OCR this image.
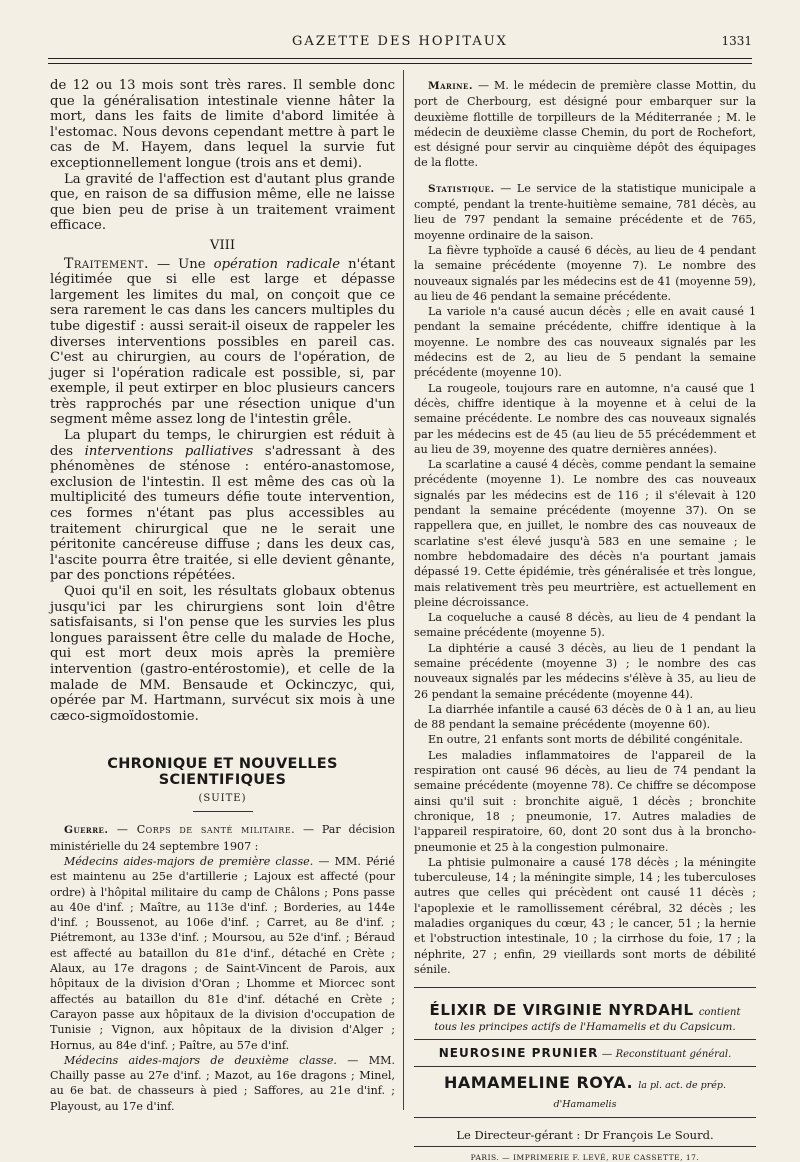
GAZETTE DES HOPITAUX	1331

de 12 ou 13 mois sont très rares. Il semble donc que la généralisation intestinale vienne hâter la mort, dans les faits de limite d'abord limitée à l'estomac. Nous devons cependant mettre à part le cas de M. Hayem, dans lequel la survie fut exceptionnellement longue (trois ans et demi).

La gravité de l'affection est d'autant plus grande que, en raison de sa diffusion même, elle ne laisse que bien peu de prise à un traitement vraiment efficace.

VIII

Traitement. — Une opération radicale n'étant légitimée que si elle est large et dépasse largement les limites du mal, on conçoit que ce sera rarement le cas dans les cancers multiples du tube digestif : aussi serait-il oiseux de rappeler les diverses interventions possibles en pareil cas. C'est au chirurgien, au cours de l'opération, de juger si l'opération radicale est possible, si, par exemple, il peut extirper en bloc plusieurs cancers très rapprochés par une résection unique d'un segment même assez long de l'intestin grêle.

La plupart du temps, le chirurgien est réduit à des interventions palliatives s'adressant à des phénomènes de sténose : entéro-anastomose, exclusion de l'intestin. Il est même des cas où la multiplicité des tumeurs défie toute intervention, ces formes n'étant pas plus accessibles au traitement chirurgical que ne le serait une péritonite cancéreuse diffuse ; dans les deux cas, l'ascite pourra être traitée, si elle devient gênante, par des ponctions répétées.

Quoi qu'il en soit, les résultats globaux obtenus jusqu'ici par les chirurgiens sont loin d'être satisfaisants, si l'on pense que les survies les plus longues paraissent être celle du malade de Hoche, qui est mort deux mois après la première intervention (gastro-entérostomie), et celle de la malade de MM. Bensaude et Ockinczyc, qui, opérée par M. Hartmann, survécut six mois à une cæco-sigmoïdostomie.

CHRONIQUE ET NOUVELLES SCIENTIFIQUES
(SUITE)

Guerre. — Corps de santé militaire. — Par décision ministérielle du 24 septembre 1907 :

Médecins aides-majors de première classe. — MM. Périé est maintenu au 25e d'artillerie ; Lajoux est affecté (pour ordre) à l'hôpital militaire du camp de Châlons ; Pons passe au 40e d'inf. ; Maître, au 113e d'inf. ; Borderies, au 144e d'inf. ; Boussenot, au 106e d'inf. ; Carret, au 8e d'inf. ; Piétremont, au 133e d'inf. ; Moursou, au 52e d'inf. ; Béraud est affecté au bataillon du 81e d'inf., détaché en Crète ; Alaux, au 17e dragons ; de Saint-Vincent de Parois, aux hôpitaux de la division d'Oran ; Lhomme et Miorcec sont affectés au bataillon du 81e d'inf. détaché en Crète ; Carayon passe aux hôpitaux de la division d'occupation de Tunisie ; Vignon, aux hôpitaux de la division d'Alger ; Hornus, au 84e d'inf. ; Paître, au 57e d'inf.

Médecins aides-majors de deuxième classe. — MM. Chailly passe au 27e d'inf. ; Mazot, au 16e dragons ; Minel, au 6e bat. de chasseurs à pied ; Saffores, au 21e d'inf. ; Playoust, au 17e d'inf.

Marine. — M. le médecin de première classe Mottin, du port de Cherbourg, est désigné pour embarquer sur la deuxième flottille de torpilleurs de la Méditerranée ; M. le médecin de deuxième classe Chemin, du port de Rochefort, est désigné pour servir au cinquième dépôt des équipages de la flotte.

Statistique. — Le service de la statistique municipale a compté, pendant la trente-huitième semaine, 781 décès, au lieu de 797 pendant la semaine précédente et de 765, moyenne ordinaire de la saison.

La fièvre typhoïde a causé 6 décès, au lieu de 4 pendant la semaine précédente (moyenne 7). Le nombre des nouveaux signalés par les médecins est de 41 (moyenne 59), au lieu de 46 pendant la semaine précédente.

La variole n'a causé aucun décès ; elle en avait causé 1 pendant la semaine précédente, chiffre identique à la moyenne. Le nombre des cas nouveaux signalés par les médecins est de 2, au lieu de 5 pendant la semaine précédente (moyenne 10).

La rougeole, toujours rare en automne, n'a causé que 1 décès, chiffre identique à la moyenne et à celui de la semaine précédente. Le nombre des cas nouveaux signalés par les médecins est de 45 (au lieu de 55 précédemment et au lieu de 39, moyenne des quatre dernières années).

La scarlatine a causé 4 décès, comme pendant la semaine précédente (moyenne 1). Le nombre des cas nouveaux signalés par les médecins est de 116 ; il s'élevait à 120 pendant la semaine précédente (moyenne 37). On se rappellera que, en juillet, le nombre des cas nouveaux de scarlatine s'est élevé jusqu'à 583 en une semaine ; le nombre hebdomadaire des décès n'a pourtant jamais dépassé 19. Cette épidémie, très généralisée et très longue, mais relativement très peu meurtrière, est actuellement en pleine décroissance.

La coqueluche a causé 8 décès, au lieu de 4 pendant la semaine précédente (moyenne 5).

La diphtérie a causé 3 décès, au lieu de 1 pendant la semaine précédente (moyenne 3) ; le nombre des cas nouveaux signalés par les médecins s'élève à 35, au lieu de 26 pendant la semaine précédente (moyenne 44).

La diarrhée infantile a causé 63 décès de 0 à 1 an, au lieu de 88 pendant la semaine précédente (moyenne 60).

En outre, 21 enfants sont morts de débilité congénitale.

Les maladies inflammatoires de l'appareil de la respiration ont causé 96 décès, au lieu de 74 pendant la semaine précédente (moyenne 78). Ce chiffre se décompose ainsi qu'il suit : bronchite aiguë, 1 décès ; bronchite chronique, 18 ; pneumonie, 17. Autres maladies de l'appareil respiratoire, 60, dont 20 sont dus à la broncho-pneumonie et 25 à la congestion pulmonaire.

La phtisie pulmonaire a causé 178 décès ; la méningite tuberculeuse, 14 ; la méningite simple, 14 ; les tuberculoses autres que celles qui précèdent ont causé 11 décès ; l'apoplexie et le ramollissement cérébral, 32 décès ; les maladies organiques du cœur, 43 ; le cancer, 51 ; la hernie et l'obstruction intestinale, 10 ; la cirrhose du foie, 17 ; la néphrite, 27 ; enfin, 29 vieillards sont morts de débilité sénile.

ÉLIXIR DE VIRGINIE NYRDAHL contient
tous les principes actifs de l'Hamamelis et du Capsicum.
NEUROSINE PRUNIER — Reconstituant général.
HAMAMELINE ROYA. la pl. act. de prép. d'Hamamelis
Le Directeur-gérant : Dr François Le Sourd.
PARIS. — IMPRIMERIE F. LEVÉ, RUE CASSETTE, 17.
